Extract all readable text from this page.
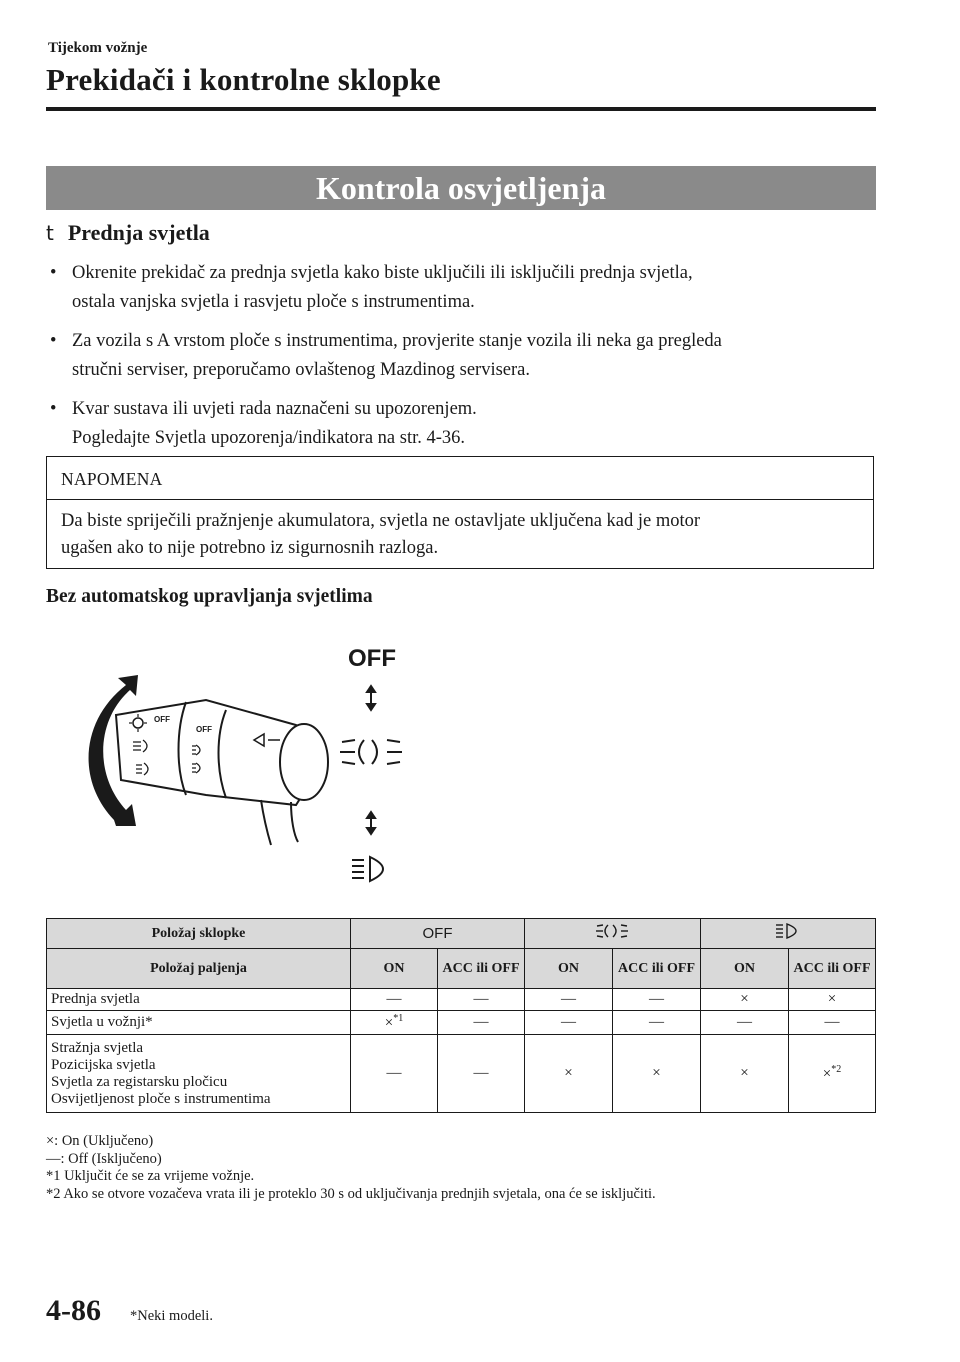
Tijekom vožnje
Prekidači i kontrolne sklopke
Kontrola osvjetljenja
t Prednja svjetla
• Okrenite prekidač za prednja svjetla kako biste uključili ili isključili prednja svjetla,
ostala vanjska svjetla i rasvjetu ploče s instrumentima.
• Za vozila s A vrstom ploče s instrumentima, provjerite stanje vozila ili neka ga pregleda
stručni serviser, preporučamo ovlaštenog Mazdinog servisera.
• Kvar sustava ili uvjeti rada naznačeni su upozorenjem.
Pogledajte Svjetla upozorenja/indikatora na str. 4-36.
NAPOMENA
Da biste spriječili pražnjenje akumulatora, svjetla ne ostavljate uključena kad je motor
ugašen ako to nije potrebno iz sigurnosnih razloga.
Bez automatskog upravljanja svjetlima
OFF
OFF
OFF
Položaj sklopke	OFF		
Položaj paljenja	ON	ACC ili OFF	ON	ACC ili OFF	ON	ACC ili OFF
Prednja svjetla	—	—	—	—	×	×
Svjetla u vožnji*	×$^{*1}$	—	—	—	—	—

Stražnja svjetla
Pozicijska svjetla
Svjetla za registarsku pločicu
Osvijetljenost ploče s instrumentima	—	—	×	×	×	×$^{*2}$
×: On (Uključeno)
—: Off (Isključeno)
*1 Uključit će se za vrijeme vožnje.
*2 Ako se otvore vozačeva vrata ili je proteklo 30 s od uključivanja prednjih svjetala, ona će se isključiti.
4-86 *Neki modeli.
